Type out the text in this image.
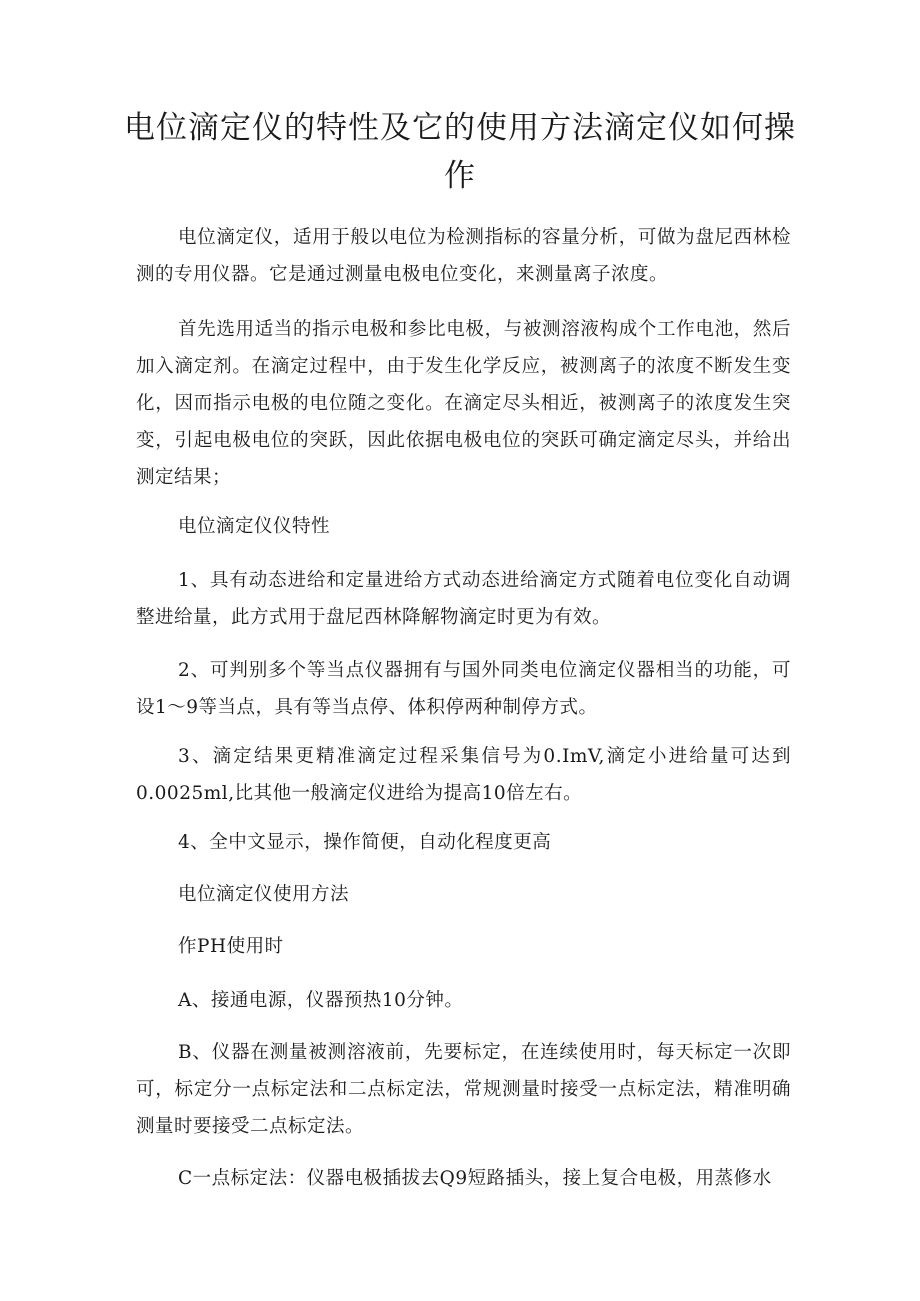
电位滴定仪的特性及它的使用方法滴定仪如何操作

电位滴定仪，适用于般以电位为检测指标的容量分析，可做为盘尼西林检测的专用仪器。它是通过测量电极电位变化，来测量离子浓度。

首先选用适当的指示电极和参比电极，与被测溶液构成个工作电池，然后加入滴定剂。在滴定过程中，由于发生化学反应，被测离子的浓度不断发生变化，因而指示电极的电位随之变化。在滴定尽头相近，被测离子的浓度发生突变，引起电极电位的突跃，因此依据电极电位的突跃可确定滴定尽头，并给出测定结果；

电位滴定仪仪特性

1、具有动态进给和定量进给方式动态进给滴定方式随着电位变化自动调整进给量，此方式用于盘尼西林降解物滴定时更为有效。

2、可判别多个等当点仪器拥有与国外同类电位滴定仪器相当的功能，可设1～9等当点，具有等当点停、体积停两种制停方式。

3、滴定结果更精准滴定过程采集信号为0.ImV,滴定小进给量可达到0.0025ml,比其他一般滴定仪进给为提高10倍左右。

4、全中文显示，操作简便，自动化程度更高

电位滴定仪使用方法

作PH使用时

A、接通电源，仪器预热10分钟。

B、仪器在测量被测溶液前，先要标定，在连续使用时，每天标定一次即可，标定分一点标定法和二点标定法，常规测量时接受一点标定法，精准明确测量时要接受二点标定法。

C一点标定法：仪器电极插拔去Q9短路插头，接上复合电极，用蒸修水
